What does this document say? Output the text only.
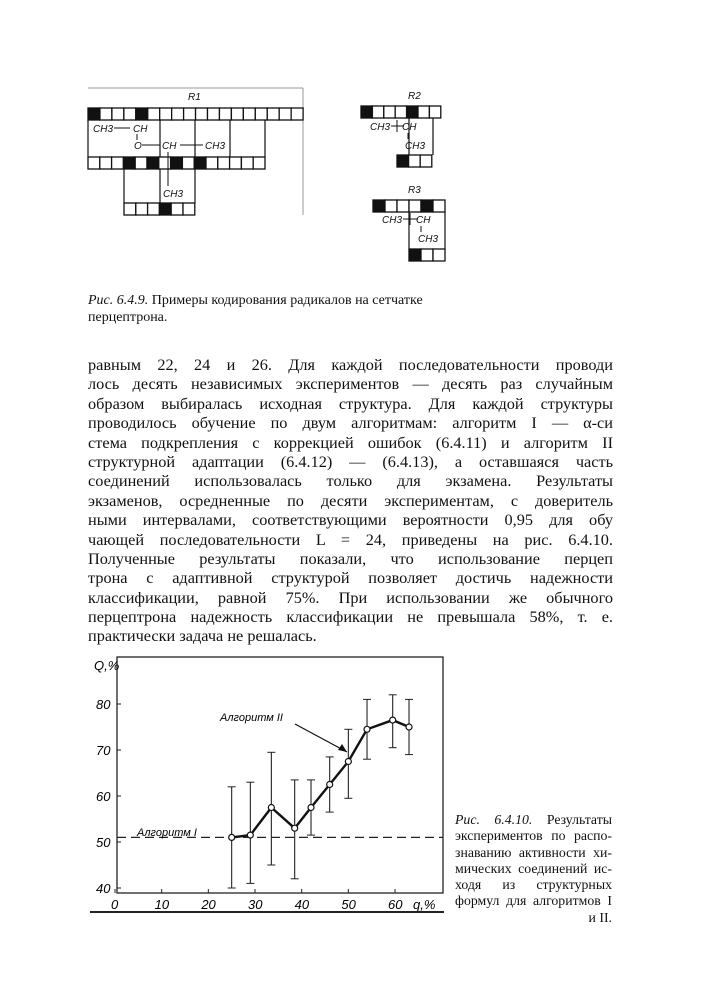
R1	R2
R3
CH3 CH
O CH	CH3
CH3
CH3 CH
CH3
CH3 CH
CH3
Рис. 6.4.9. Примеры кодирования радикалов на сетчатке
перцептрона.
равным 22, 24 и 26. Для каждой последовательности проводи
лось десять независимых экспериментов — десять раз случайным
образом выбиралась исходная структура. Для каждой структуры
проводилось обучение по двум алгоритмам: алгоритм I — α-си
стема подкрепления с коррекцией ошибок (6.4.11) и алгоритм II
структурной адаптации (6.4.12) — (6.4.13), а оставшаяся часть
соединений использовалась только для экзамена. Результаты
экзаменов, осредненные по десяти экспериментам, с доверитель
ными интервалами, соответствующими вероятности 0,95 для обу
чающей последовательности L = 24, приведены на рис. 6.4.10.
Полученные результаты показали, что использование перцеп
трона с адаптивной структурой позволяет достичь надежности
классификации, равной 75%. При использовании же обычного
перцептрона надежность классификации не превышала 58%, т. е.
практически задача не решалась.
40
50
60
70
80
0	10 20 30 40 50 60
Q,%
q,%
Алгоритм II
Алгоритм I
Рис. 6.4.10. Результаты
экспериментов по распо-
знаванию активности хи-
мических соединений ис-
ходя из структурных
формул для алгоритмов I
и II.
